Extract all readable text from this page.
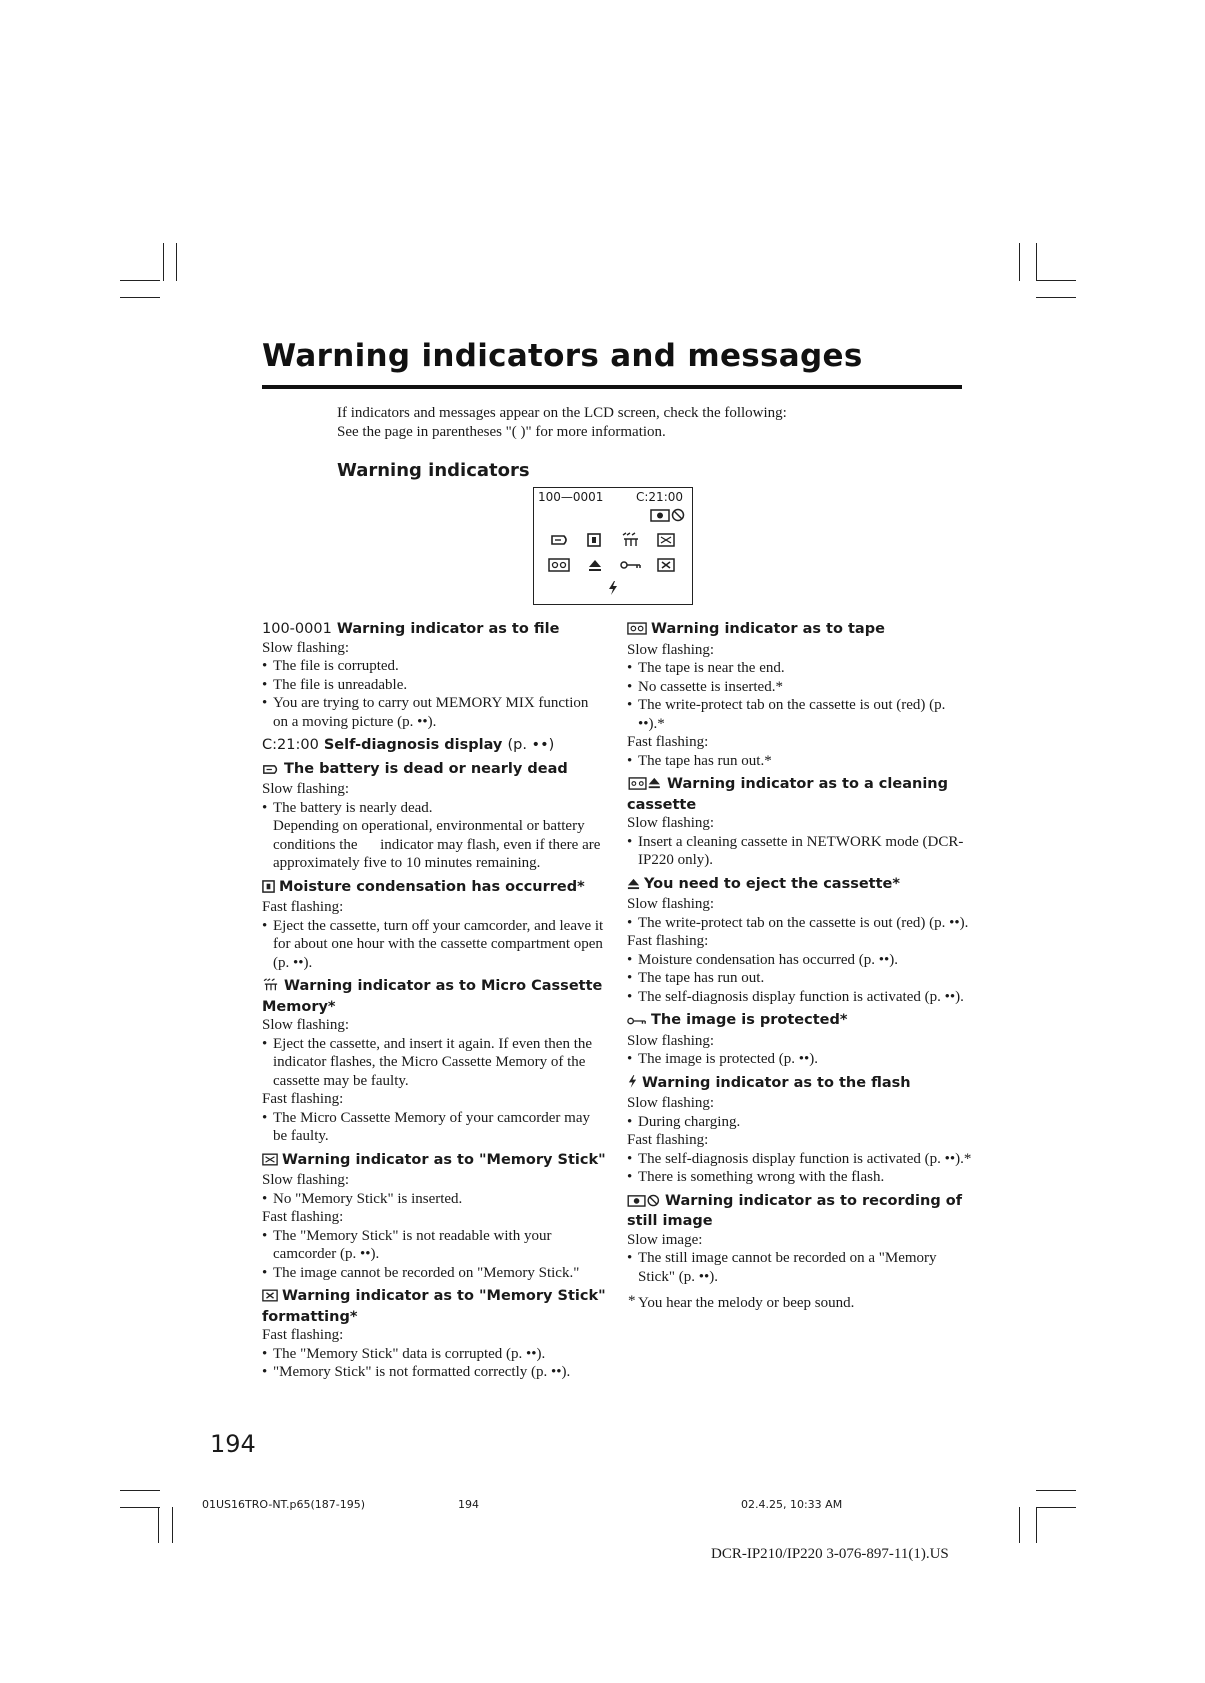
Warning indicators and messages
If indicators and messages appear on the LCD screen, check the following:
See the page in parentheses "( )" for more information.
Warning indicators
100—0001	C:21:00
100-0001 Warning indicator as to file
Slow flashing:
• The file is corrupted.
• The file is unreadable.
• You are trying to carry out MEMORY MIX function on a moving picture (p. ••).
C:21:00 Self-diagnosis display (p. ••)
The battery is dead or nearly dead
Slow flashing:
• The battery is nearly dead.
Depending on operational, environmental or battery conditions the   indicator may flash, even if there are approximately five to 10 minutes remaining.
Moisture condensation has occurred*
Fast flashing:
• Eject the cassette, turn off your camcorder, and leave it for about one hour with the cassette compartment open (p. ••).
Warning indicator as to Micro Cassette Memory*
Slow flashing:
• Eject the cassette, and insert it again. If even then the indicator flashes, the Micro Cassette Memory of the cassette may be faulty.
Fast flashing:
• The Micro Cassette Memory of your camcorder may be faulty.
Warning indicator as to "Memory Stick"
Slow flashing:
• No "Memory Stick" is inserted.
Fast flashing:
• The "Memory Stick" is not readable with your camcorder (p. ••).
• The image cannot be recorded on "Memory Stick."
Warning indicator as to "Memory Stick" formatting*
Fast flashing:
• The "Memory Stick" data is corrupted (p. ••).
• "Memory Stick" is not formatted correctly (p. ••).
Warning indicator as to tape
Slow flashing:
• The tape is near the end.
• No cassette is inserted.*
• The write-protect tab on the cassette is out (red) (p. ••).*
Fast flashing:
• The tape has run out.*
Warning indicator as to a cleaning cassette
Slow flashing:
• Insert a cleaning cassette in NETWORK mode (DCR-IP220 only).
You need to eject the cassette*
Slow flashing:
• The write-protect tab on the cassette is out (red) (p. ••).
Fast flashing:
• Moisture condensation has occurred (p. ••).
• The tape has run out.
• The self-diagnosis display function is activated (p. ••).
The image is protected*
Slow flashing:
• The image is protected (p. ••).
Warning indicator as to the flash
Slow flashing:
• During charging.
Fast flashing:
• The self-diagnosis display function is activated (p. ••).*
• There is something wrong with the flash.
Warning indicator as to recording of still image
Slow image:
• The still image cannot be recorded on a "Memory Stick" (p. ••).
* You hear the melody or beep sound.
194
01US16TRO-NT.p65(187-195)	194	02.4.25, 10:33 AM
DCR-IP210/IP220 3-076-897-11(1).US
